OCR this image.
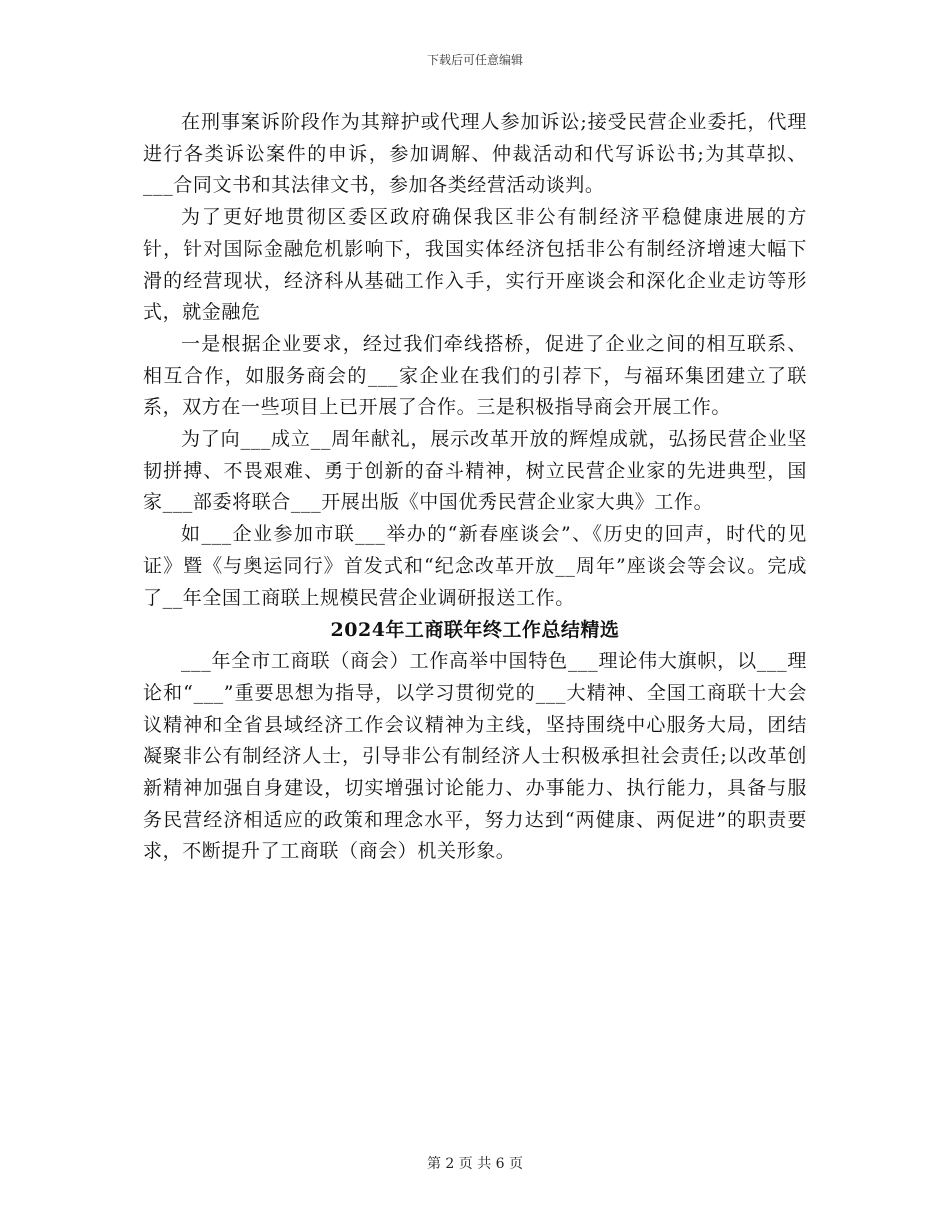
下载后可任意编辑

在刑事案诉阶段作为其辩护或代理人参加诉讼;接受民营企业委托，代理进行各类诉讼案件的申诉，参加调解、仲裁活动和代写诉讼书;为其草拟、___合同文书和其法律文书，参加各类经营活动谈判。

为了更好地贯彻区委区政府确保我区非公有制经济平稳健康进展的方针，针对国际金融危机影响下，我国实体经济包括非公有制经济增速大幅下滑的经营现状，经济科从基础工作入手，实行开座谈会和深化企业走访等形式，就金融危

一是根据企业要求，经过我们牵线搭桥，促进了企业之间的相互联系、相互合作，如服务商会的___家企业在我们的引荐下，与福环集团建立了联系，双方在一些项目上已开展了合作。三是积极指导商会开展工作。

为了向___成立__周年献礼，展示改革开放的辉煌成就，弘扬民营企业坚韧拼搏、不畏艰难、勇于创新的奋斗精神，树立民营企业家的先进典型，国家___部委将联合___开展出版《中国优秀民营企业家大典》工作。

如___企业参加市联___举办的“新春座谈会”、《历史的回声，时代的见证》暨《与奥运同行》首发式和“纪念改革开放__周年”座谈会等会议。完成了__年全国工商联上规模民营企业调研报送工作。

2024年工商联年终工作总结精选

___年全市工商联（商会）工作高举中国特色___理论伟大旗帜，以___理论和“___”重要思想为指导，以学习贯彻党的___大精神、全国工商联十大会议精神和全省县域经济工作会议精神为主线，坚持围绕中心服务大局，团结凝聚非公有制经济人士，引导非公有制经济人士积极承担社会责任;以改革创新精神加强自身建设，切实增强讨论能力、办事能力、执行能力，具备与服务民营经济相适应的政策和理念水平，努力达到“两健康、两促进”的职责要求，不断提升了工商联（商会）机关形象。

第 2 页 共 6 页
